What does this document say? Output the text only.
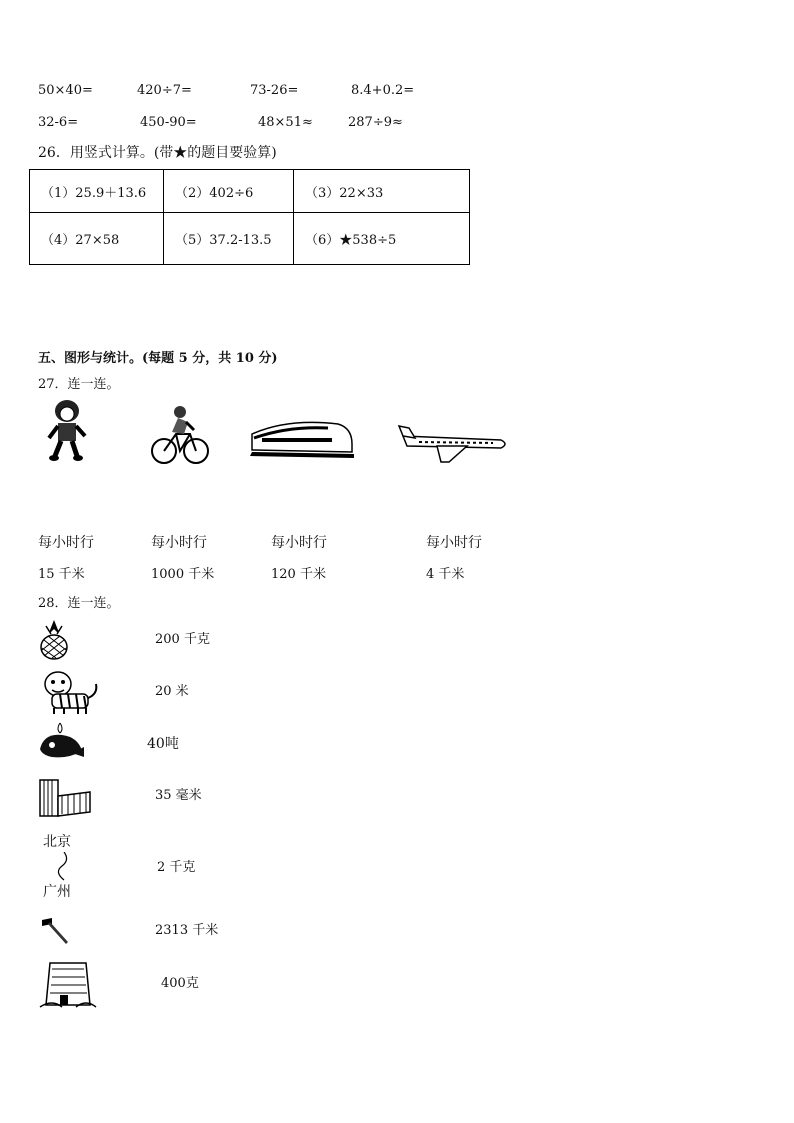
50×40=	420÷7=	73-26=	8.4+0.2=
32-6=	450-90=	48×51≈	287÷9≈
26．用竖式计算。(带★的题目要验算)
（1）25.9＋13.6	（2）402÷6	（3）22×33
（4）27×58	（5）37.2-13.5	（6）★538÷5
五、图形与统计。(每题 5 分，共 10 分)
27．连一连。
每小时行	每小时行	每小时行	每小时行
15 千米	1000 千米	120 千米	4 千米
28．连一连。
北京
广州
200 千克
20 米
40吨
35 毫米
2 千克
2313 千米
400克
